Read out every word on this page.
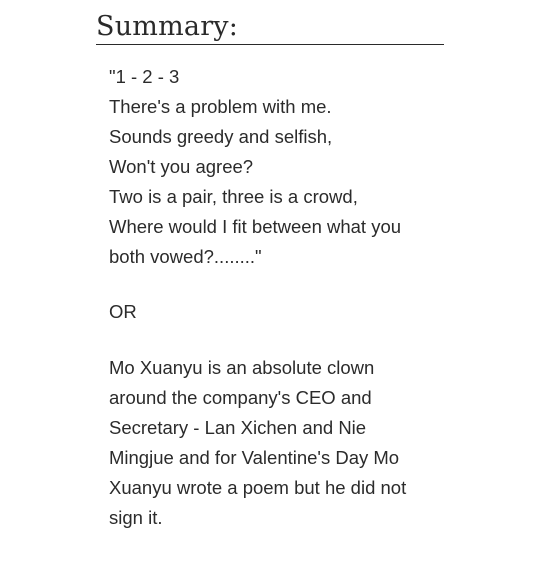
Summary:

"1 - 2 - 3
There's a problem with me.
Sounds greedy and selfish,
Won't you agree?
Two is a pair, three is a crowd,
Where would I fit between what you
both vowed?........"

OR

Mo Xuanyu is an absolute clown
around the company's CEO and
Secretary - Lan Xichen and Nie
Mingjue and for Valentine's Day Mo
Xuanyu wrote a poem but he did not
sign it.
